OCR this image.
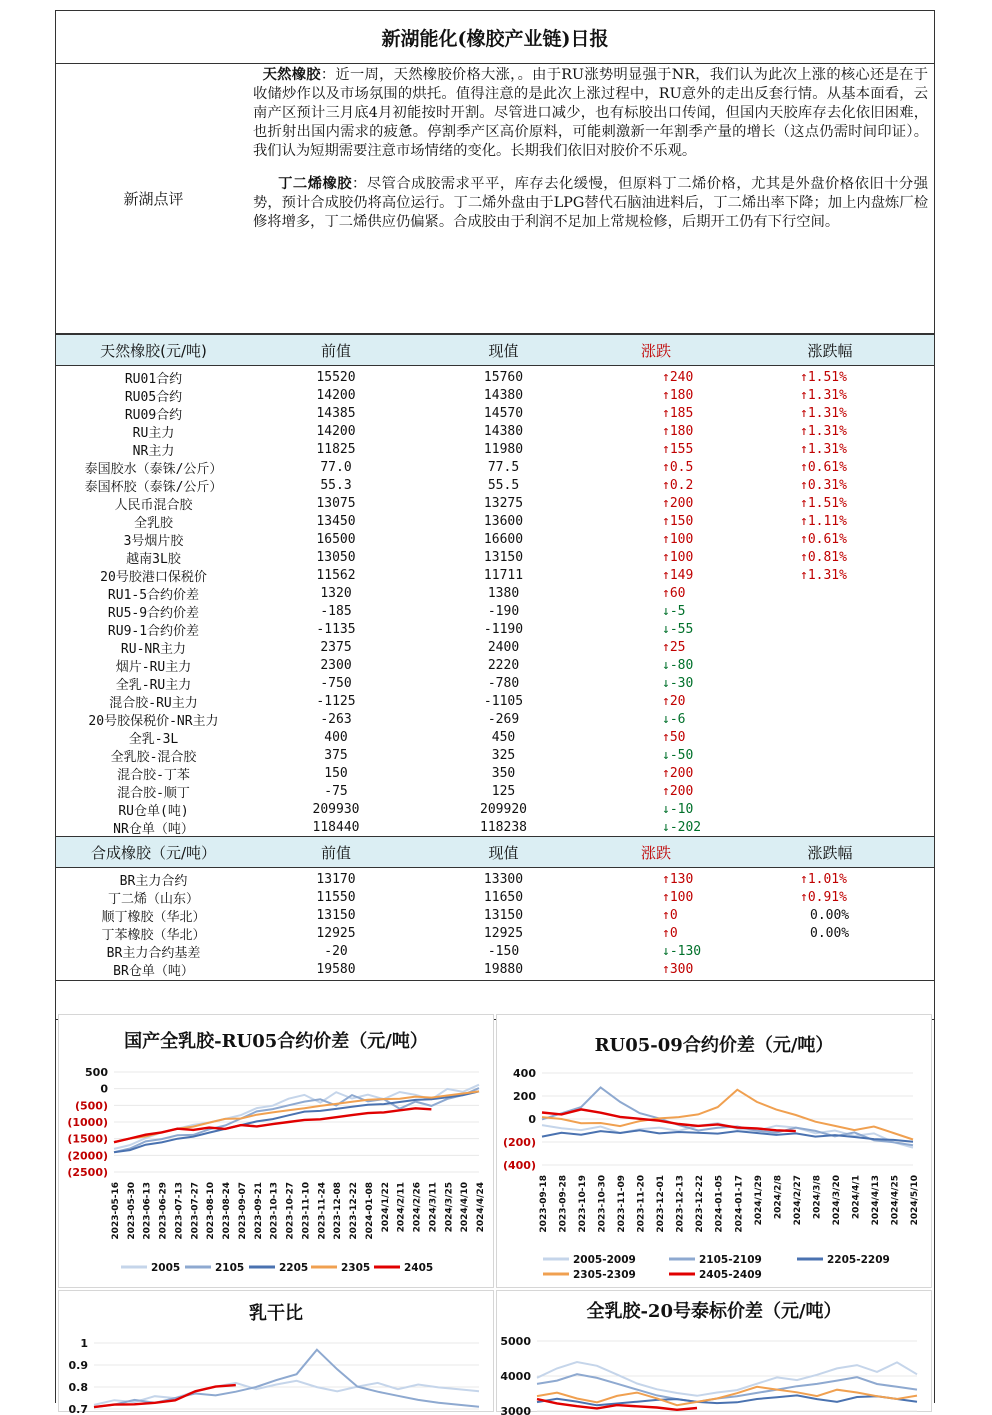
新湖能化(橡胶产业链)日报
新湖点评

天然橡胶：近一周，天然橡胶价格大涨，。由于RU涨势明显强于NR，我们认为此次上涨的核心还是在于收储炒作以及市场氛围的烘托。值得注意的是此次上涨过程中，RU意外的走出反套行情。从基本面看，云南产区预计三月底4月初能按时开割。尽管进口减少，也有标胶出口传闻，但国内天胶库存去化依旧困难，也折射出国内需求的疲惫。停割季产区高价原料，可能刺激新一年割季产量的增长（这点仍需时间印证）。我们认为短期需要注意市场情绪的变化。长期我们依旧对胶价不乐观。

丁二烯橡胶：尽管合成胶需求平平，库存去化缓慢，但原料丁二烯价格，尤其是外盘价格依旧十分强势，预计合成胶仍将高位运行。丁二烯外盘由于LPG替代石脑油进料后，丁二烯出率下降；加上内盘炼厂检修将增多，丁二烯供应仍偏紧。合成胶由于利润不足加上常规检修，后期开工仍有下行空间。

天然橡胶(元/吨)	前值	现值	涨跌	涨跌幅
RU01合约	15520	15760	↑240	↑1.51%
RU05合约	14200	14380	↑180	↑1.31%
RU09合约	14385	14570	↑185	↑1.31%
RU主力	14200	14380	↑180	↑1.31%
NR主力	11825	11980	↑155	↑1.31%
泰国胶水（泰铢/公斤）	77.0	77.5	↑0.5	↑0.61%
泰国杯胶（泰铢/公斤）	55.3	55.5	↑0.2	↑0.31%
人民币混合胶	13075	13275	↑200	↑1.51%
全乳胶	13450	13600	↑150	↑1.11%
3号烟片胶	16500	16600	↑100	↑0.61%
越南3L胶	13050	13150	↑100	↑0.81%
20号胶港口保税价	11562	11711	↑149	↑1.31%
RU1-5合约价差	1320	1380	↑60
RU5-9合约价差	-185	-190	↓-5
RU9-1合约价差	-1135	-1190	↓-55
RU-NR主力	2375	2400	↑25
烟片-RU主力	2300	2220	↓-80
全乳-RU主力	-750	-780	↓-30
混合胶-RU主力	-1125	-1105	↑20
20号胶保税价-NR主力	-263	-269	↓-6
全乳-3L	400	450	↑50
全乳胶-混合胶	375	325	↓-50
混合胶-丁苯	150	350	↑200
混合胶-顺丁	-75	125	↑200
RU仓单(吨)	209930	209920	↓-10
NR仓单（吨）	118440	118238	↓-202
合成橡胶（元/吨）	前值	现值	涨跌	涨跌幅
BR主力合约	13170	13300	↑130	↑1.01%
丁二烯（山东）	11550	11650	↑100	↑0.91%
顺丁橡胶（华北）	13150	13150	↑0	0.00%
丁苯橡胶（华北）	12925	12925	↑0	0.00%
BR主力合约基差	-20	-150	↓-130
BR仓单（吨）	19580	19880	↑300
国产全乳胶-RU05合约价差（元/吨）
500
0
(500)
(1000)
(1500)
(2000)
(2500)
2023-05-16 2023-05-30 2023-06-13 2023-06-29 2023-07-13 2023-07-27 2023-08-10 2023-08-24 2023-09-07 2023-09-21 2023-10-13 2023-10-27 2023-11-10 2023-11-24 2023-12-08 2023-12-22 2024-01-08 2024/1/22 2024/2/11 2024/2/26 2024/3/11 2024/3/25 2024/4/10 2024/4/24
2005	2105	2205	2305	2405
RU05-09合约价差（元/吨）
400
200
0
(200)
(400)
2023-09-18 2023-09-28 2023-10-19 2023-10-30 2023-11-09 2023-11-20 2023-12-01 2023-12-13 2023-12-22 2024-01-05 2024-01-17 2024/1/29 2024/2/8 2024/2/27 2024/3/8 2024/3/20 2024/4/1 2024/4/13 2024/4/25 2024/5/10
2005-2009	2105-2109	2205-2209
2305-2309	2405-2409
乳干比
1
0.9
0.8
0.7
全乳胶-20号泰标价差（元/吨）
5000
4000
3000
